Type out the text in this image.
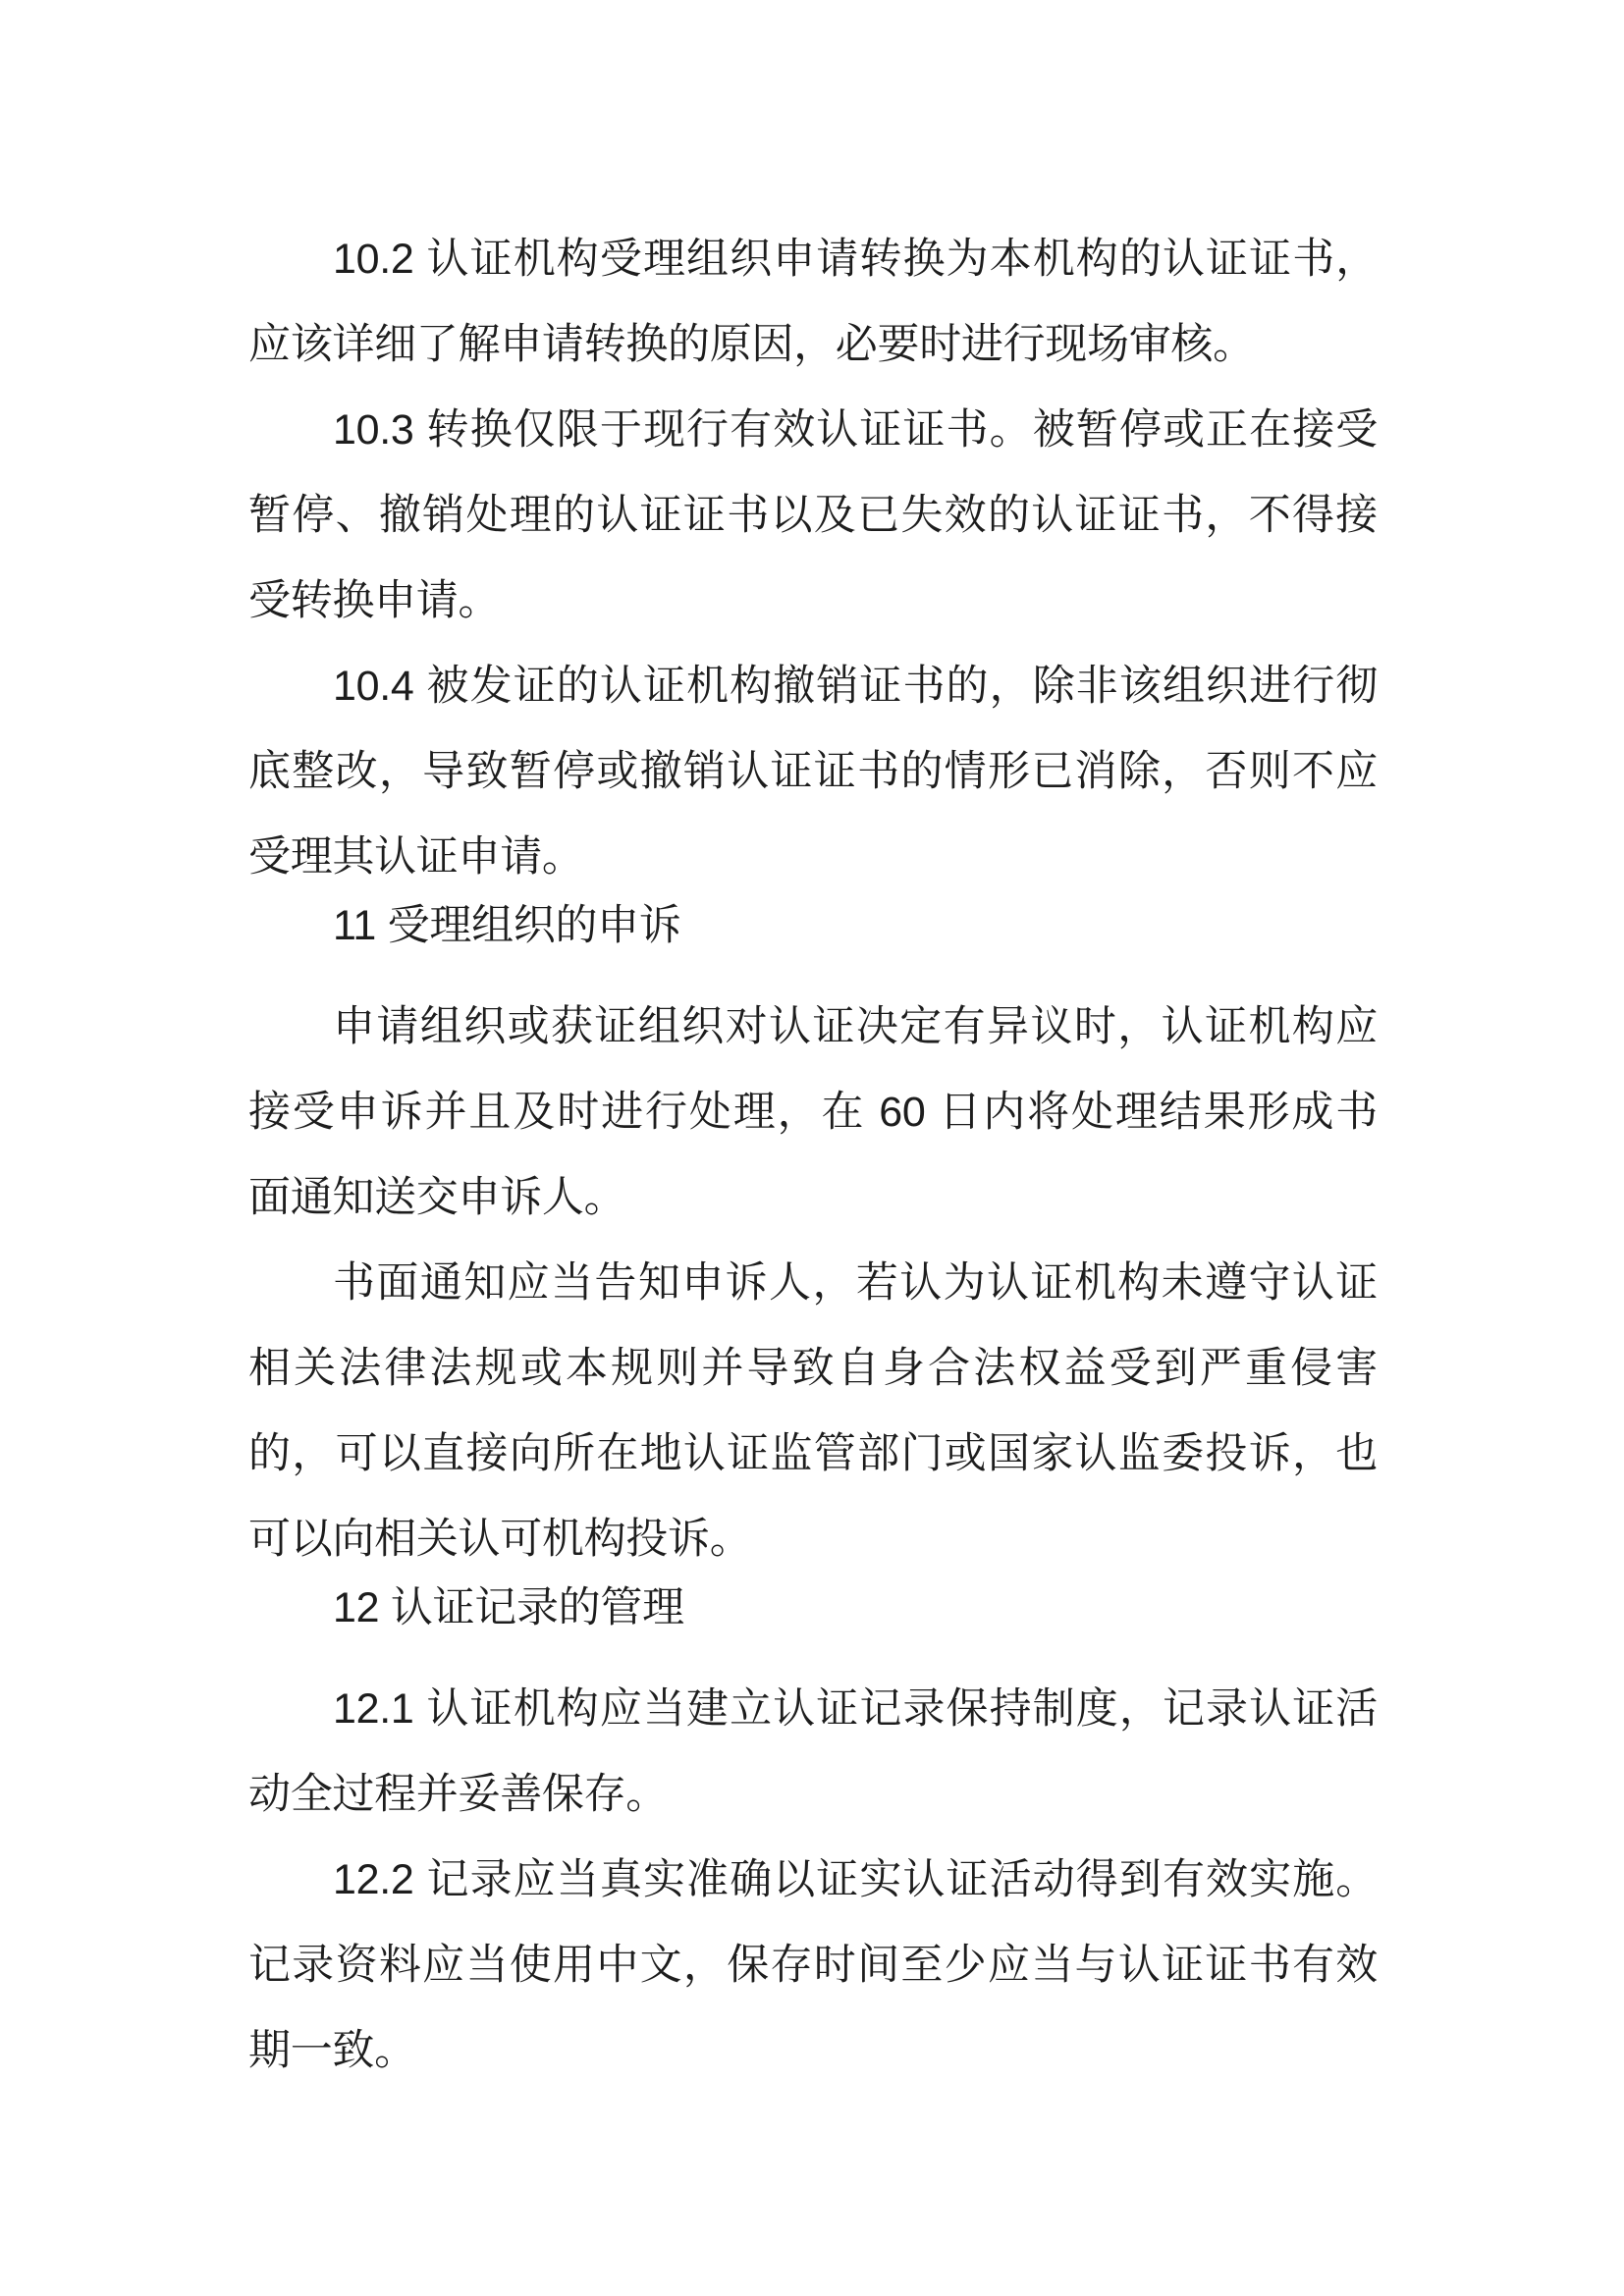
10.2 认证机构受理组织申请转换为本机构的认证证书，
应该详细了解申请转换的原因，必要时进行现场审核。
10.3 转换仅限于现行有效认证证书。被暂停或正在接受
暂停、撤销处理的认证证书以及已失效的认证证书，不得接
受转换申请。
10.4 被发证的认证机构撤销证书的，除非该组织进行彻
底整改，导致暂停或撤销认证证书的情形已消除，否则不应
受理其认证申请。
11 受理组织的申诉
申请组织或获证组织对认证决定有异议时，认证机构应
接受申诉并且及时进行处理，在 60 日内将处理结果形成书
面通知送交申诉人。
书面通知应当告知申诉人，若认为认证机构未遵守认证
相关法律法规或本规则并导致自身合法权益受到严重侵害
的，可以直接向所在地认证监管部门或国家认监委投诉，也
可以向相关认可机构投诉。
12 认证记录的管理
12.1 认证机构应当建立认证记录保持制度，记录认证活
动全过程并妥善保存。
12.2 记录应当真实准确以证实认证活动得到有效实施。
记录资料应当使用中文，保存时间至少应当与认证证书有效
期一致。
